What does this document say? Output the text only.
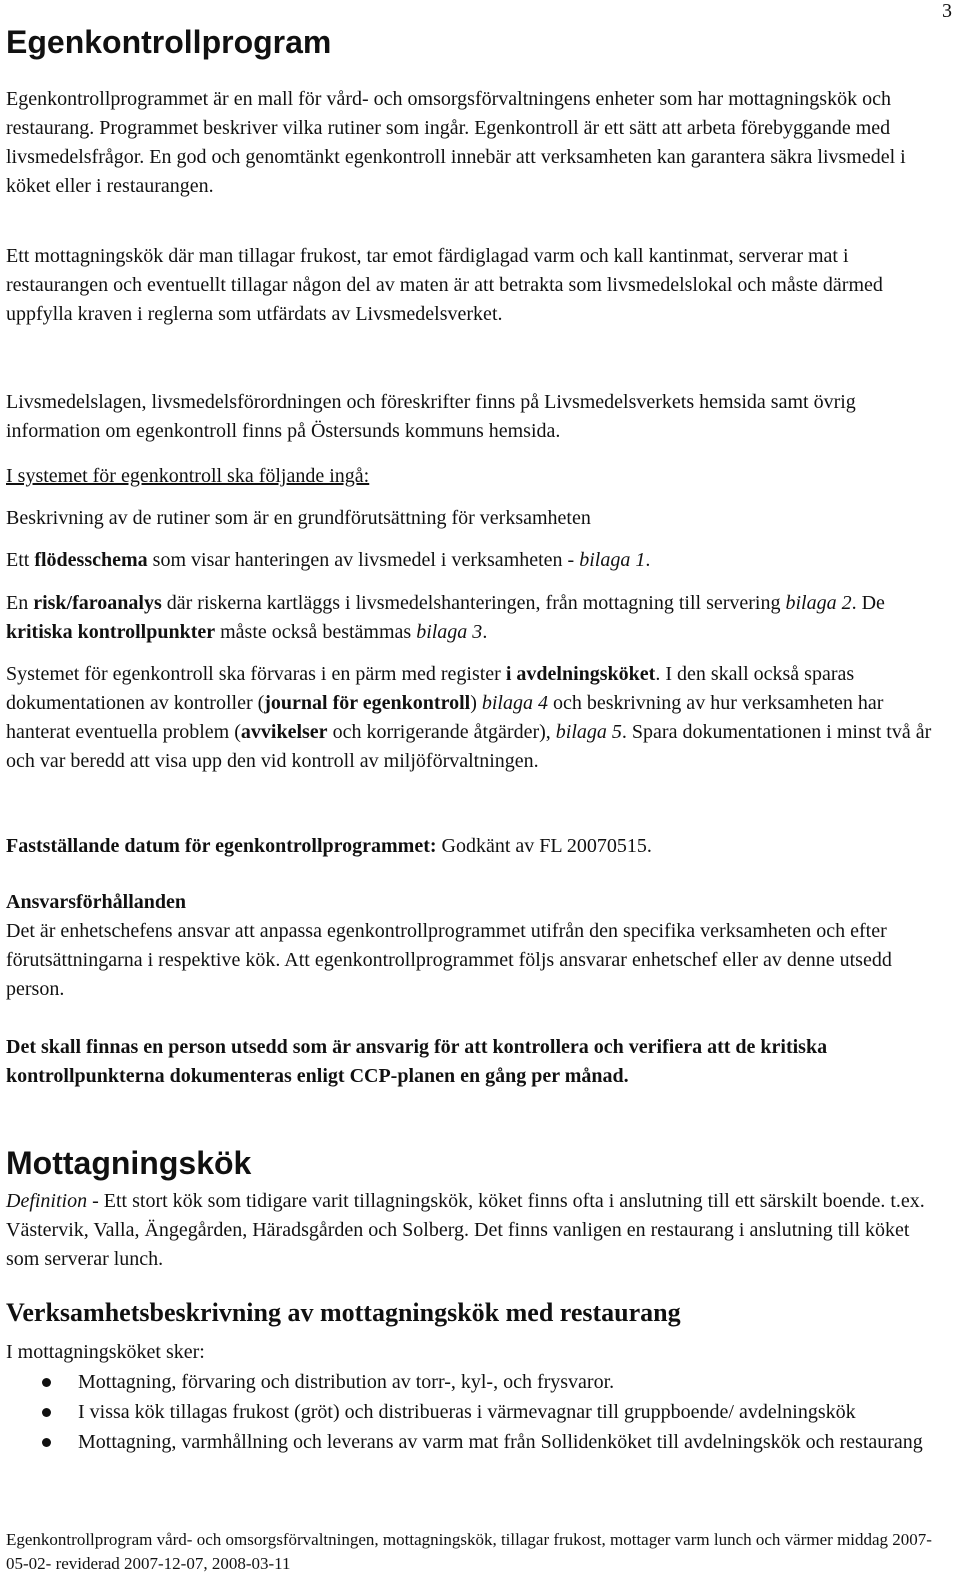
3
Egenkontrollprogram
Egenkontrollprogrammet är en mall för vård- och omsorgsförvaltningens enheter som har mottagningskök och restaurang. Programmet beskriver vilka rutiner som ingår. Egenkontroll är ett sätt att arbeta förebyggande med livsmedelsfrågor. En god och genomtänkt egenkontroll innebär att verksamheten kan garantera säkra livsmedel i köket eller i restaurangen.
Ett mottagningskök där man tillagar frukost, tar emot färdiglagad varm och kall kantinmat, serverar mat i restaurangen och eventuellt tillagar någon del av maten är att betrakta som livsmedelslokal och måste därmed uppfylla kraven i reglerna som utfärdats av Livsmedelsverket.
Livsmedelslagen, livsmedelsförordningen och föreskrifter finns på Livsmedelsverkets hemsida samt övrig information om egenkontroll finns på Östersunds kommuns hemsida.
I systemet för egenkontroll ska följande ingå:
Beskrivning av de rutiner som är en grundförutsättning för verksamheten
Ett flödesschema som visar hanteringen av livsmedel i verksamheten - bilaga 1.
En risk/faroanalys där riskerna kartläggs i livsmedelshanteringen, från mottagning till servering bilaga 2. De kritiska kontrollpunkter måste också bestämmas bilaga 3.
Systemet för egenkontroll ska förvaras i en pärm med register i avdelningsköket. I den skall också sparas dokumentationen av kontroller (journal för egenkontroll) bilaga 4 och beskrivning av hur verksamheten har hanterat eventuella problem (avvikelser och korrigerande åtgärder), bilaga 5. Spara dokumentationen i minst två år och var beredd att visa upp den vid kontroll av miljöförvaltningen.
Fastställande datum för egenkontrollprogrammet: Godkänt av FL 20070515.
Ansvarsförhållanden
Det är enhetschefens ansvar att anpassa egenkontrollprogrammet utifrån den specifika verksamheten och efter förutsättningarna i respektive kök. Att egenkontrollprogrammet följs ansvarar enhetschef eller av denne utsedd person.
Det skall finnas en person utsedd som är ansvarig för att kontrollera och verifiera att de kritiska kontrollpunkterna dokumenteras enligt CCP-planen en gång per månad.
Mottagningskök
Definition - Ett stort kök som tidigare varit tillagningskök, köket finns ofta i anslutning till ett särskilt boende. t.ex. Västervik, Valla, Ängegården, Häradsgården och Solberg. Det finns vanligen en restaurang i anslutning till köket som serverar lunch.
Verksamhetsbeskrivning av mottagningskök med restaurang
I mottagningsköket sker:
Mottagning, förvaring och distribution av torr-, kyl-, och frysvaror.
I vissa kök tillagas frukost (gröt) och distribueras i värmevagnar till gruppboende/ avdelningskök
Mottagning, varmhållning och leverans av varm mat från Sollidenköket till avdelningskök och restaurang
Egenkontrollprogram vård- och omsorgsförvaltningen, mottagningskök, tillagar frukost, mottager varm lunch och värmer middag 2007-05-02- reviderad 2007-12-07, 2008-03-11
